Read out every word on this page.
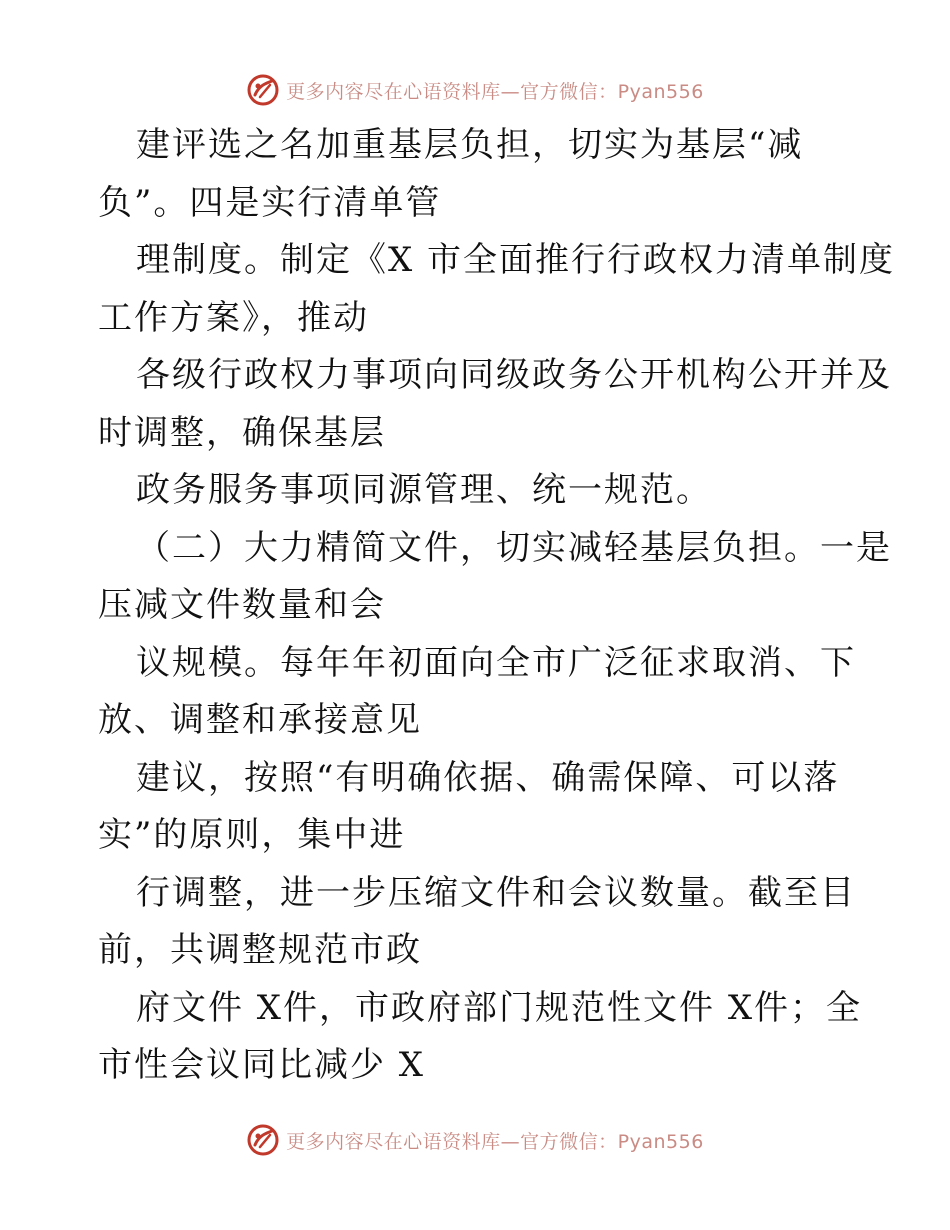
更多内容尽在心语资料库—官方微信：Pyan556
建评选之名加重基层负担，切实为基层“减
负”。四是实行清单管
理制度。制定《X 市全面推行行政权力清单制度
工作方案》，推动
各级行政权力事项向同级政务公开机构公开并及
时调整，确保基层
政务服务事项同源管理、统一规范。
（二）大力精简文件，切实减轻基层负担。一是
压减文件数量和会
议规模。每年年初面向全市广泛征求取消、下
放、调整和承接意见
建议，按照“有明确依据、确需保障、可以落
实”的原则，集中进
行调整，进一步压缩文件和会议数量。截至目
前，共调整规范市政
府文件 X件，市政府部门规范性文件 X件；全
市性会议同比减少 X
更多内容尽在心语资料库—官方微信：Pyan556
